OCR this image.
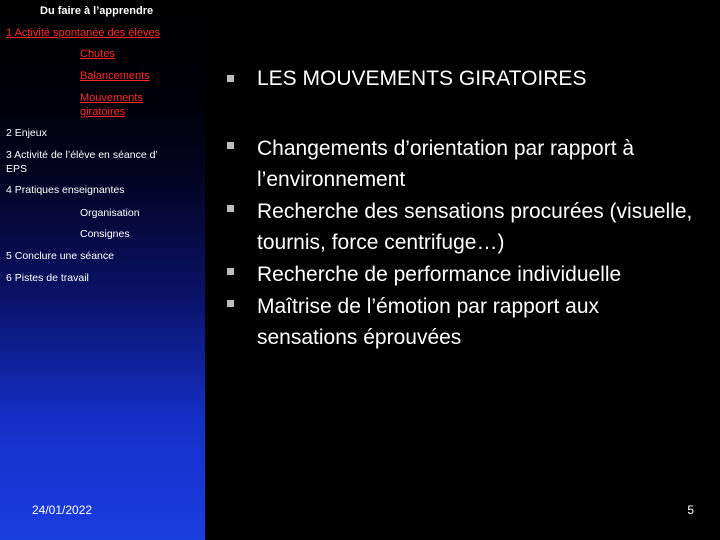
Du faire à l’apprendre
1 Activité spontanée des élèves
Chutes
Balancements
Mouvements giratoires
2 Enjeux
3 Activité de l’élève en séance d’ EPS
4 Pratiques enseignantes
Organisation
Consignes
5 Conclure une séance
6 Pistes de travail
LES MOUVEMENTS GIRATOIRES
Changements d’orientation par rapport à l’environnement
Recherche des sensations procurées (visuelle, tournis, force centrifuge…)
Recherche de performance individuelle
Maîtrise de l’émotion par rapport aux sensations éprouvées
24/01/2022	5
